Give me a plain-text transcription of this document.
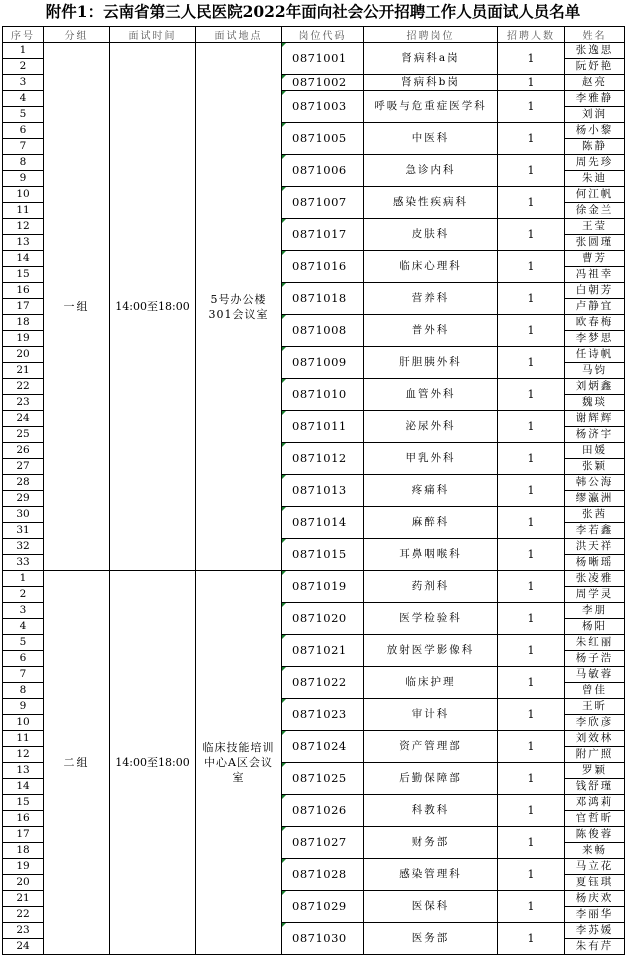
附件1：云南省第三人民医院2022年面向社会公开招聘工作人员面试人员名单
序号	分组	面试时间	面试地点	岗位代码	招聘岗位	招聘人数	姓名
1	一组	14:00至18:00	5号办公楼301会议室	0871001	肾病科a岗	1	张逸思
2							阮妤艳
3				0871002	肾病科b岗	1	赵亮
4				0871003	呼吸与危重症医学科	1	李雅静
5							刘润
6				0871005	中医科	1	杨小黎
7							陈静
8				0871006	急诊内科	1	周先珍
9							朱迪
10				0871007	感染性疾病科	1	何江帆
11							徐金兰
12				0871017	皮肤科	1	王莹
13							张圆瑾
14				0871016	临床心理科	1	曹芳
15							冯祖幸
16				0871018	营养科	1	白朝芳
17							卢静宜
18				0871008	普外科	1	欧春梅
19							李梦思
20				0871009	肝胆胰外科	1	任诗帆
21							马钧
22				0871010	血管外科	1	刘炳鑫
23							魏琰
24				0871011	泌尿外科	1	谢辉辉
25							杨济宇
26				0871012	甲乳外科	1	田媛
27							张颖
28				0871013	疼痛科	1	韩公海
29							缪瀛洲
30				0871014	麻醉科	1	张茜
31							李若鑫
32				0871015	耳鼻咽喉科	1	洪天祥
33							杨晰瑶
1	二组	14:00至18:00	临床技能培训中心A区会议室	0871019	药剂科	1	张凌雅
2							周学灵
3				0871020	医学检验科	1	李朋
4							杨阳
5				0871021	放射医学影像科	1	朱红丽
6							杨子浩
7				0871022	临床护理	1	马敏蓉
8							曾佳
9				0871023	审计科	1	王昕
10							李欣彦
11				0871024	资产管理部	1	刘效林
12							附广照
13				0871025	后勤保障部	1	罗颖
14							钱舒瑾
15				0871026	科教科	1	邓鸿莉
16							官哲昕
17				0871027	财务部	1	陈俊蓉
18							来畅
19				0871028	感染管理科	1	马立花
20							夏钰琪
21				0871029	医保科	1	杨庆欢
22							李丽华
23				0871030	医务部	1	李苏媛
24							朱有芹
